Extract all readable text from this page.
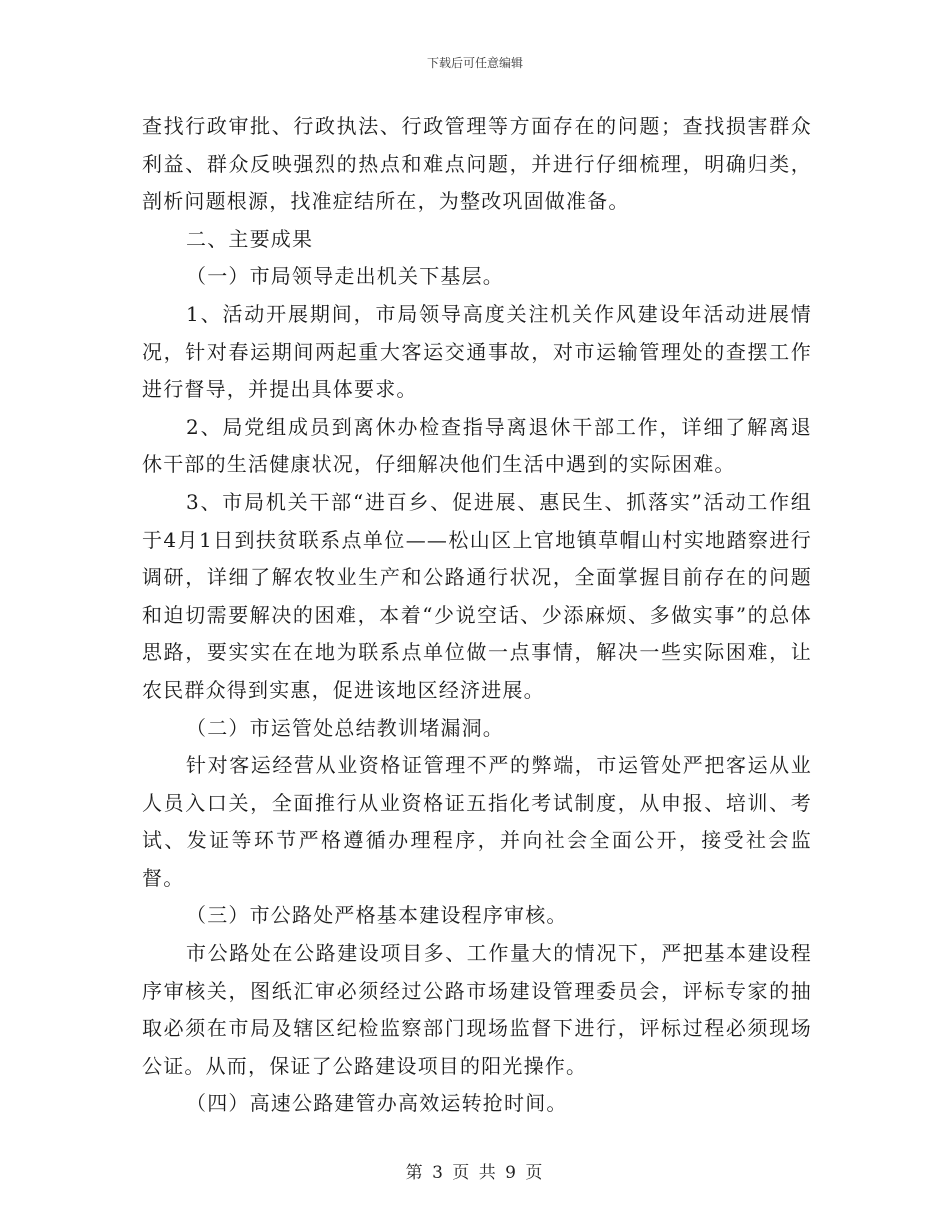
下载后可任意编辑

查找行政审批、行政执法、行政管理等方面存在的问题；查找损害群众利益、群众反映强烈的热点和难点问题，并进行仔细梳理，明确归类，剖析问题根源，找准症结所在，为整改巩固做准备。

二、主要成果

（一）市局领导走出机关下基层。

1、活动开展期间，市局领导高度关注机关作风建设年活动进展情况，针对春运期间两起重大客运交通事故，对市运输管理处的查摆工作进行督导，并提出具体要求。

2、局党组成员到离休办检查指导离退休干部工作，详细了解离退休干部的生活健康状况，仔细解决他们生活中遇到的实际困难。

3、市局机关干部“进百乡、促进展、惠民生、抓落实”活动工作组于4月1日到扶贫联系点单位——松山区上官地镇草帽山村实地踏察进行调研，详细了解农牧业生产和公路通行状况，全面掌握目前存在的问题和迫切需要解决的困难，本着“少说空话、少添麻烦、多做实事”的总体思路，要实实在在地为联系点单位做一点事情，解决一些实际困难，让农民群众得到实惠，促进该地区经济进展。

（二）市运管处总结教训堵漏洞。

针对客运经营从业资格证管理不严的弊端，市运管处严把客运从业人员入口关，全面推行从业资格证五指化考试制度，从申报、培训、考试、发证等环节严格遵循办理程序，并向社会全面公开，接受社会监督。

（三）市公路处严格基本建设程序审核。

市公路处在公路建设项目多、工作量大的情况下，严把基本建设程序审核关，图纸汇审必须经过公路市场建设管理委员会，评标专家的抽取必须在市局及辖区纪检监察部门现场监督下进行，评标过程必须现场公证。从而，保证了公路建设项目的阳光操作。

（四）高速公路建管办高效运转抢时间。

第 3 页 共 9 页
